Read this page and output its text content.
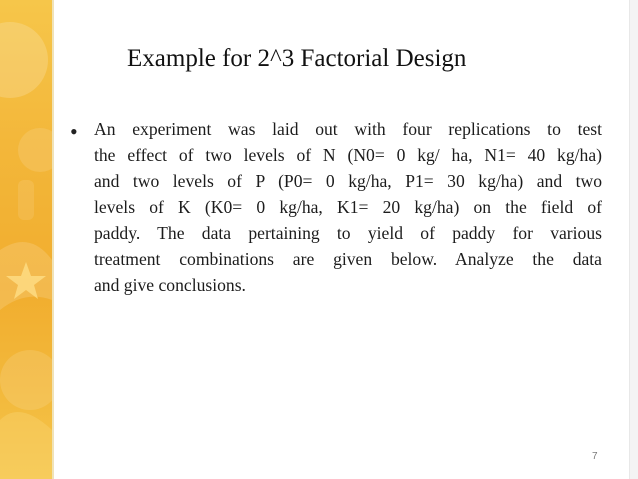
Example for 2^3 Factorial Design
• An experiment was laid out with four replications to test
the effect of two levels of N (N0= 0 kg/ ha, N1= 40 kg/ha)
and two levels of P (P0= 0 kg/ha, P1= 30 kg/ha) and two
levels of K (K0= 0 kg/ha, K1= 20 kg/ha) on the field of
paddy. The data pertaining to yield of paddy for various
treatment combinations are given below. Analyze the data
and give conclusions.
7
